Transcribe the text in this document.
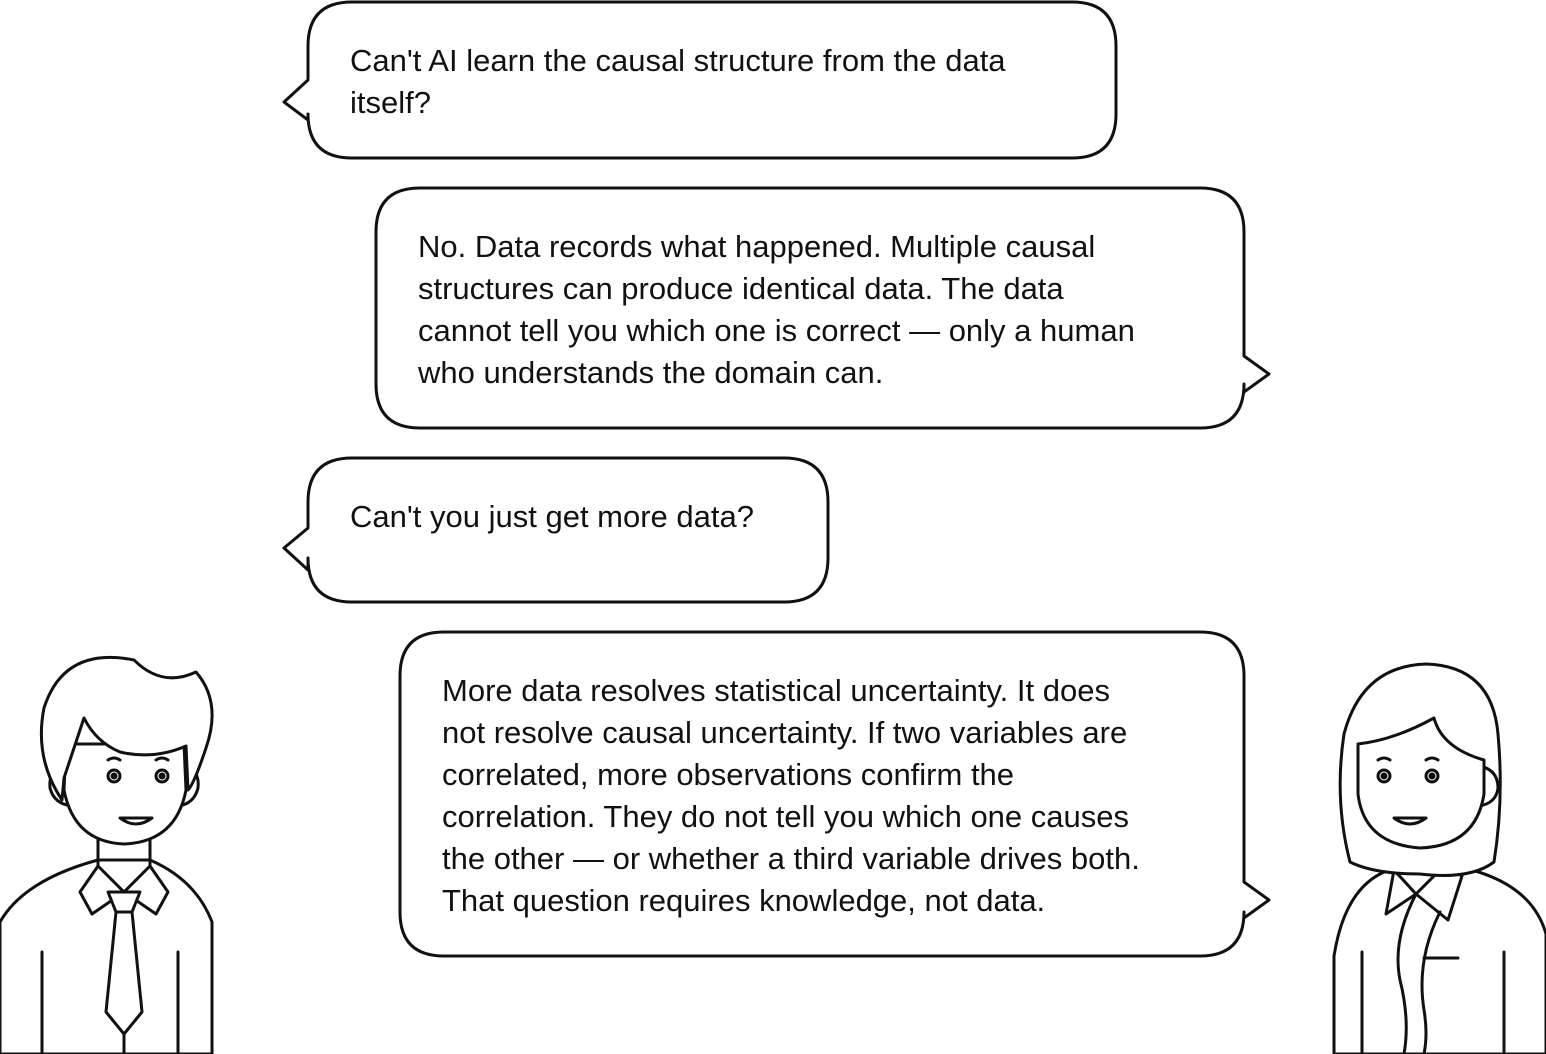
Can't AI learn the causal structure from the data
itself?

No. Data records what happened. Multiple causal
structures can produce identical data. The data
cannot tell you which one is correct — only a human
who understands the domain can.

Can't you just get more data?

More data resolves statistical uncertainty. It does
not resolve causal uncertainty. If two variables are
correlated, more observations confirm the
correlation. They do not tell you which one causes
the other — or whether a third variable drives both.
That question requires knowledge, not data.
